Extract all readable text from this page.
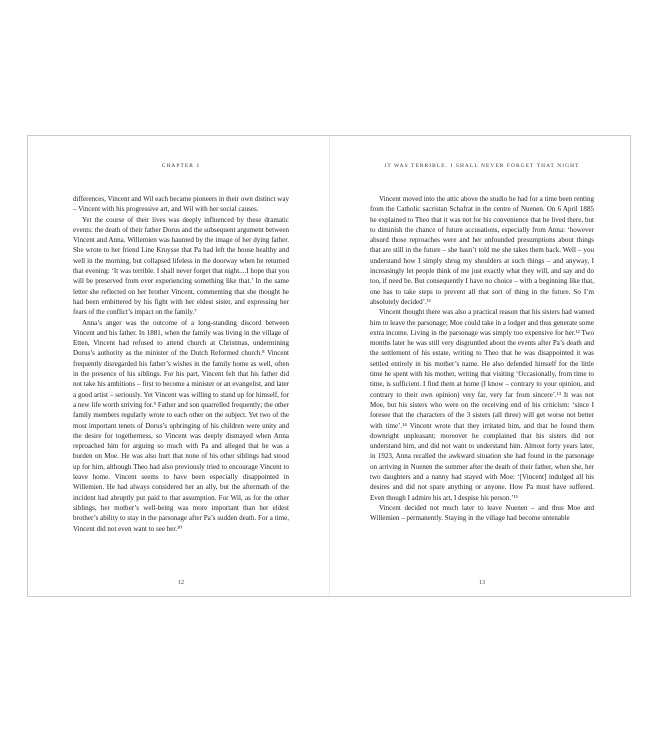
CHAPTER 1

differences, Vincent and Wil each became pioneers in their own distinct way – Vincent with his progressive art, and Wil with her social causes.

Yet the course of their lives was deeply influenced by these dramatic events: the death of their father Dorus and the subsequent argument between Vincent and Anna. Willemien was haunted by the image of her dying father. She wrote to her friend Line Kruysse that Pa had left the house healthy and well in the morning, but collapsed lifeless in the doorway when he returned that evening: ‘It was terrible. I shall never forget that night....I hope that you will be preserved from ever experiencing something like that.’ In the same letter she reflected on her brother Vincent, commenting that she thought he had been embittered by his fight with her eldest sister, and expressing her fears of the conflict’s impact on the family.⁷

Anna’s anger was the outcome of a long-standing discord between Vincent and his father. In 1881, when the family was living in the village of Etten, Vincent had refused to attend church at Christmas, undermining Dorus’s authority as the minister of the Dutch Reformed church.⁸ Vincent frequently disregarded his father’s wishes in the family home as well, often in the presence of his siblings. For his part, Vincent felt that his father did not take his ambitions – first to become a minister or an evangelist, and later a good artist – seriously. Yet Vincent was willing to stand up for himself, for a new life worth striving for.⁹ Father and son quarrelled frequently; the other family members regularly wrote to each other on the subject. Yet two of the most important tenets of Dorus’s upbringing of his children were unity and the desire for togetherness, so Vincent was deeply dismayed when Anna reproached him for arguing so much with Pa and alleged that he was a burden on Moe. He was also hurt that none of his other siblings had stood up for him, although Theo had also previously tried to encourage Vincent to leave home. Vincent seems to have been especially disappointed in Willemien. He had always considered her an ally, but the aftermath of the incident had abruptly put paid to that assumption. For Wil, as for the other siblings, her mother’s well-being was more important than her eldest brother’s ability to stay in the parsonage after Pa’s sudden death. For a time, Vincent did not even want to see her.¹⁰

12
IT WAS TERRIBLE. I SHALL NEVER FORGET THAT NIGHT

Vincent moved into the attic above the studio he had for a time been renting from the Catholic sacristan Schafrat in the centre of Nuenen. On 6 April 1885 he explained to Theo that it was not for his convenience that he lived there, but to diminish the chance of future accusations, especially from Anna: ‘however absurd those reproaches were and her unfounded presumptions about things that are still in the future – she hasn’t told me she takes them back. Well – you understand how I simply shrug my shoulders at such things – and anyway, I increasingly let people think of me just exactly what they will, and say and do too, if need be. But consequently I have no choice – with a beginning like that, one has to take steps to prevent all that sort of thing in the future. So I’m absolutely decided’.¹¹

Vincent thought there was also a practical reason that his sisters had wanted him to leave the parsonage; Moe could take in a lodger and thus generate some extra income. Living in the parsonage was simply too expensive for her.¹² Two months later he was still very disgruntled about the events after Pa’s death and the settlement of his estate, writing to Theo that he was disappointed it was settled entirely in his mother’s name. He also defended himself for the little time he spent with his mother, writing that visiting ‘Occasionally, from time to time, is sufficient. I find them at home (I know – contrary to your opinion, and contrary to their own opinion) very far, very far from sincere’.¹³ It was not Moe, but his sisters who were on the receiving end of his criticism: ‘since I foresee that the characters of the 3 sisters (all three) will get worse not better with time’.¹⁴ Vincent wrote that they irritated him, and that he found them downright unpleasant; moreover he complained that his sisters did not understand him, and did not want to understand him. Almost forty years later, in 1923, Anna recalled the awkward situation she had found in the parsonage on arriving in Nuenen the summer after the death of their father, when she, her two daughters and a nanny had stayed with Moe: ‘[Vincent] indulged all his desires and did not spare anything or anyone. How Pa must have suffered. Even though I admire his art, I despise his person.’¹⁵

Vincent decided not much later to leave Nuenen – and thus Moe and Willemien – permanently. Staying in the village had become untenable

13
